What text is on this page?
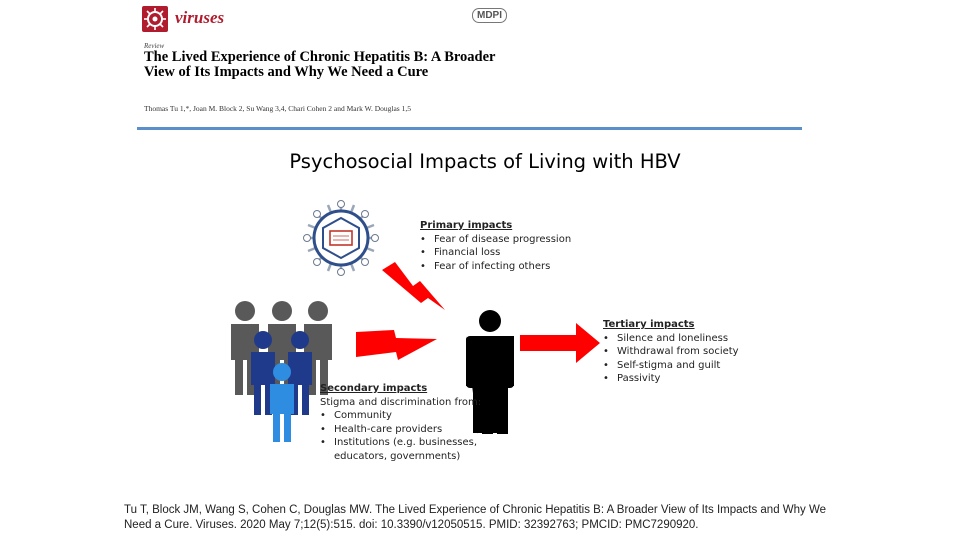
viruses	MDPI
Review
The Lived Experience of Chronic Hepatitis B: A Broader View of Its Impacts and Why We Need a Cure
Thomas Tu 1,*, Joan M. Block 2, Su Wang 3,4, Chari Cohen 2 and Mark W. Douglas 1,5
Psychosocial Impacts of Living with HBV
Primary impacts
• Fear of disease progression
• Financial loss
• Fear of infecting others
Tertiary impacts
• Silence and loneliness
• Withdrawal from society
• Self-stigma and guilt
• Passivity
Secondary impacts
Stigma and discrimination from:
• Community
• Health-care providers
• Institutions (e.g. businesses,
educators, governments)
Tu T, Block JM, Wang S, Cohen C, Douglas MW. The Lived Experience of Chronic Hepatitis B: A Broader View of Its Impacts and Why We Need a Cure. Viruses. 2020 May 7;12(5):515. doi: 10.3390/v12050515. PMID: 32392763; PMCID: PMC7290920.
